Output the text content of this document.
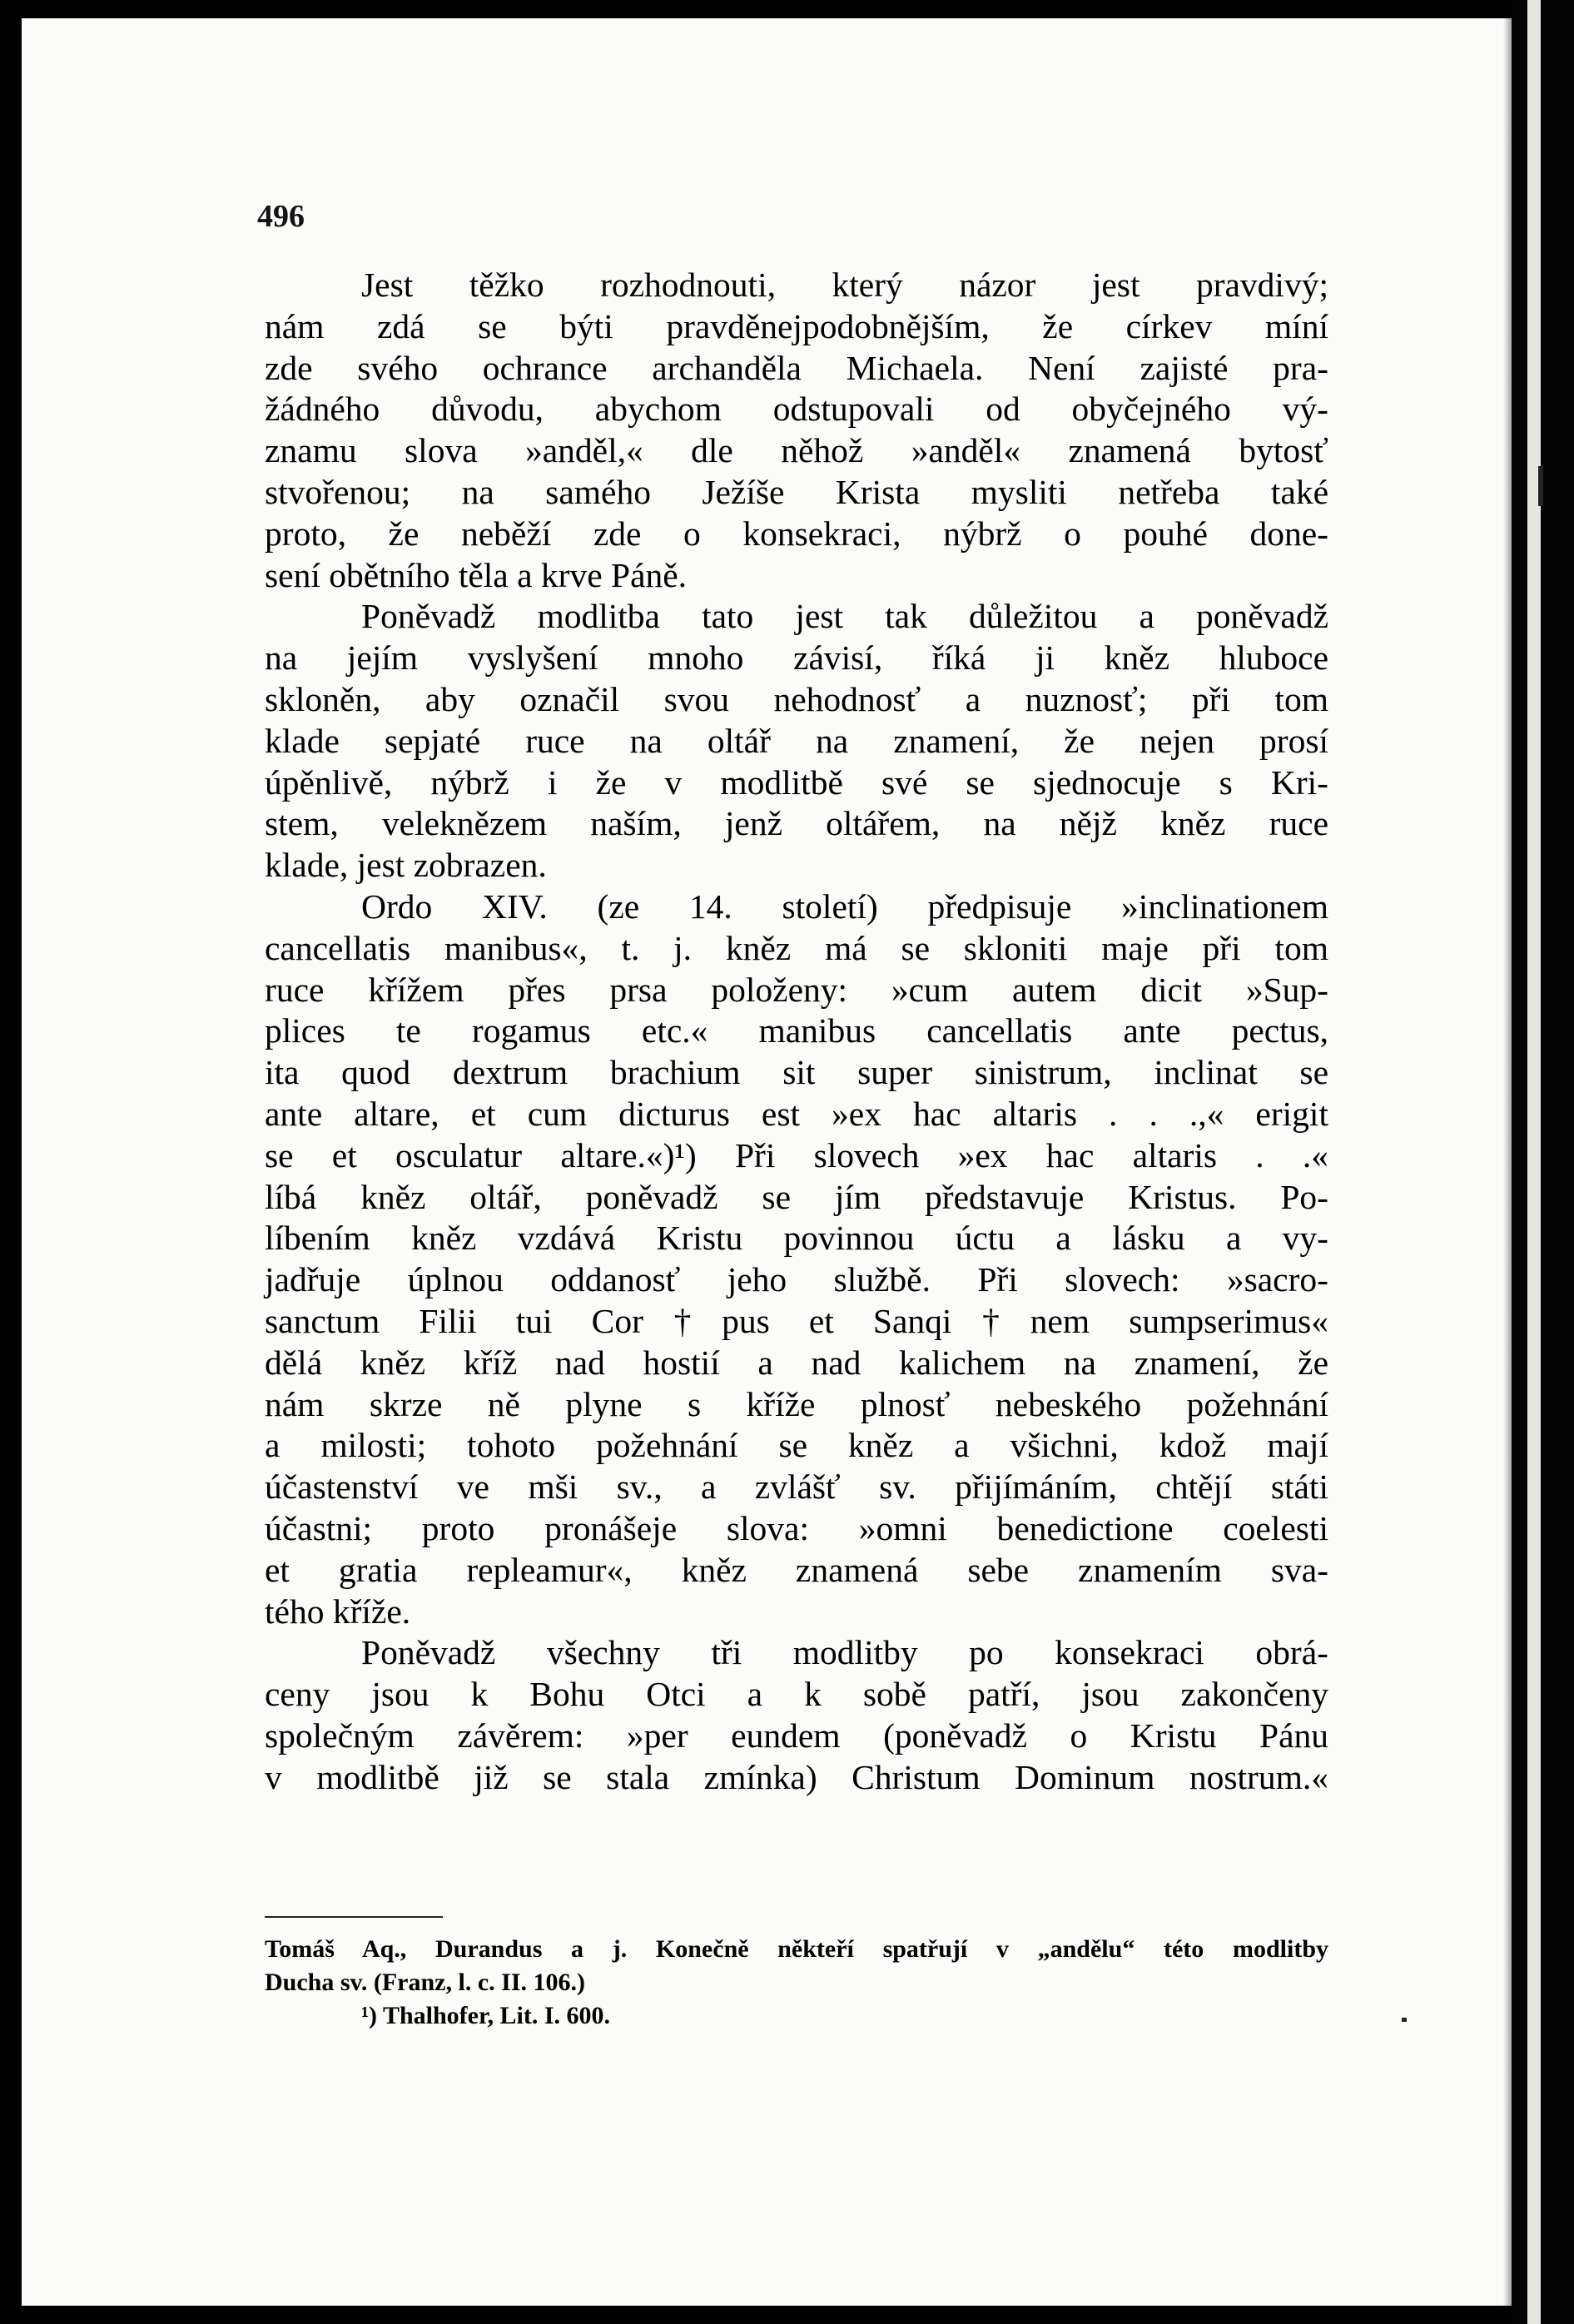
496

Jest těžko rozhodnouti, který názor jest pravdivý;
nám zdá se býti pravděnejpodobnějším, že církev míní
zde svého ochrance archanděla Michaela. Není zajisté pra-
žádného důvodu, abychom odstupovali od obyčejného vý-
znamu slova »anděl,« dle něhož »anděl« znamená bytosť
stvořenou; na samého Ježíše Krista mysliti netřeba také
proto, že neběží zde o konsekraci, nýbrž o pouhé done-
sení obětního těla a krve Páně.
Poněvadž modlitba tato jest tak důležitou a poněvadž
na jejím vyslyšení mnoho závisí, říká ji kněz hluboce
skloněn, aby označil svou nehodnosť a nuznosť; při tom
klade sepjaté ruce na oltář na znamení, že nejen prosí
úpěnlivě, nýbrž i že v modlitbě své se sjednocuje s Kri-
stem, veleknězem naším, jenž oltářem, na nějž kněz ruce
klade, jest zobrazen.
Ordo XIV. (ze 14. století) předpisuje »inclinationem
cancellatis manibus«, t. j. kněz má se skloniti maje při tom
ruce křížem přes prsa položeny: »cum autem dicit »Sup-
plices te rogamus etc.« manibus cancellatis ante pectus,
ita quod dextrum brachium sit super sinistrum, inclinat se
ante altare, et cum dicturus est »ex hac altaris . . .,« erigit
se et osculatur altare.«)¹) Při slovech »ex hac altaris . .«
líbá kněz oltář, poněvadž se jím představuje Kristus. Po-
líbením kněz vzdává Kristu povinnou úctu a lásku a vy-
jadřuje úplnou oddanosť jeho službě. Při slovech: »sacro-
sanctum Filii tui Cor†pus et Sanqi†nem sumpserimus«
dělá kněz kříž nad hostií a nad kalichem na znamení, že
nám skrze ně plyne s kříže plnosť nebeského požehnání
a milosti; tohoto požehnání se kněz a všichni, kdož mají
účastenství ve mši sv., a zvlášť sv. přijímáním, chtějí státi
účastni; proto pronášeje slova: »omni benedictione coelesti
et gratia repleamur«, kněz znamená sebe znamením sva-
tého kříže.
Poněvadž všechny tři modlitby po konsekraci obrá-
ceny jsou k Bohu Otci a k sobě patří, jsou zakončeny
společným závěrem: »per eundem (poněvadž o Kristu Pánu
v modlitbě již se stala zmínka) Christum Dominum nostrum.«
Tomáš Aq., Durandus a j. Konečně někteří spatřují v „andělu“ této modlitby
Ducha sv. (Franz, l. c. II. 106.)
¹) Thalhofer, Lit. I. 600.
